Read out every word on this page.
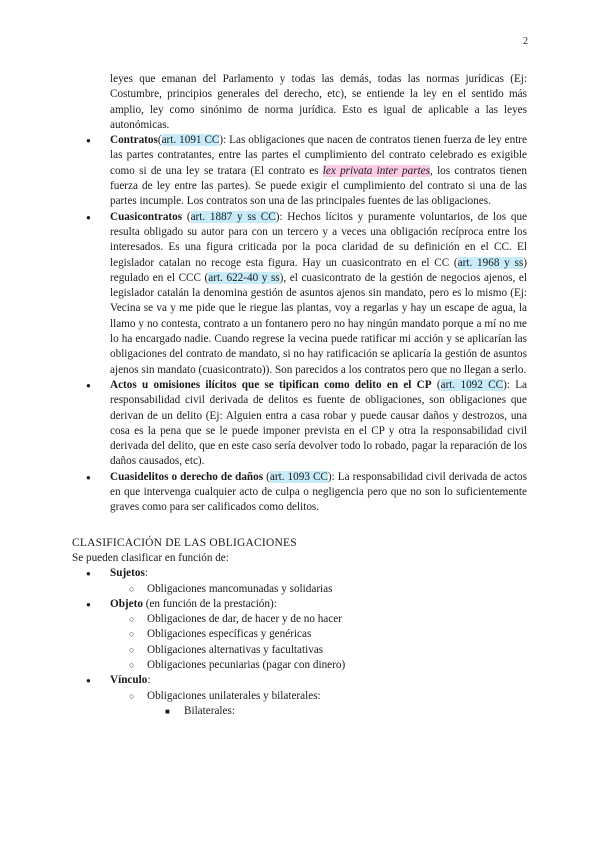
2

leyes que emanan del Parlamento y todas las demás, todas las normas jurídicas (Ej: Costumbre, principios generales del derecho, etc), se entiende la ley en el sentido más amplio, ley como sinónimo de norma jurídica. Esto es igual de aplicable a las leyes autonómicas.

● Contratos(art. 1091 CC): Las obligaciones que nacen de contratos tienen fuerza de ley entre las partes contratantes, entre las partes el cumplimiento del contrato celebrado es exigible como si de una ley se tratara (El contrato es lex privata inter partes, los contratos tienen fuerza de ley entre las partes). Se puede exigir el cumplimiento del contrato si una de las partes incumple. Los contratos son una de las principales fuentes de las obligaciones.
● Cuasicontratos (art. 1887 y ss CC): Hechos lícitos y puramente voluntarios, de los que resulta obligado su autor para con un tercero y a veces una obligación recíproca entre los interesados. Es una figura criticada por la poca claridad de su definición en el CC. El legislador catalan no recoge esta figura. Hay un cuasicontrato en el CC (art. 1968 y ss) regulado en el CCC (art. 622-40 y ss), el cuasicontrato de la gestión de negocios ajenos, el legislador catalán la denomina gestión de asuntos ajenos sin mandato, pero es lo mismo (Ej: Vecina se va y me pide que le riegue las plantas, voy a regarlas y hay un escape de agua, la llamo y no contesta, contrato a un fontanero pero no hay ningún mandato porque a mí no me lo ha encargado nadie. Cuando regrese la vecina puede ratificar mi acción y se aplicarían las obligaciones del contrato de mandato, si no hay ratificación se aplicaría la gestión de asuntos ajenos sin mandato (cuasicontrato)). Son parecidos a los contratos pero que no llegan a serlo.
● Actos u omisiones ilícitos que se tipifican como delito en el CP (art. 1092 CC): La responsabilidad civil derivada de delitos es fuente de obligaciones, son obligaciones que derivan de un delito (Ej: Alguien entra a casa robar y puede causar daños y destrozos, una cosa es la pena que se le puede imponer prevista en el CP y otra la responsabilidad civil derivada del delito, que en este caso sería devolver todo lo robado, pagar la reparación de los daños causados, etc).
● Cuasidelitos o derecho de daños (art. 1093 CC): La responsabilidad civil derivada de actos en que intervenga cualquier acto de culpa o negligencia pero que no son lo suficientemente graves como para ser calificados como delitos.
CLASIFICACIÓN DE LAS OBLIGACIONES
Se pueden clasificar en función de:
● Sujetos:
○ Obligaciones mancomunadas y solidarias
● Objeto (en función de la prestación):
○ Obligaciones de dar, de hacer y de no hacer
○ Obligaciones específicas y genéricas
○ Obligaciones alternativas y facultativas
○ Obligaciones pecuniarias (pagar con dinero)
● Vínculo:
○ Obligaciones unilaterales y bilaterales:
■ Bilaterales:
